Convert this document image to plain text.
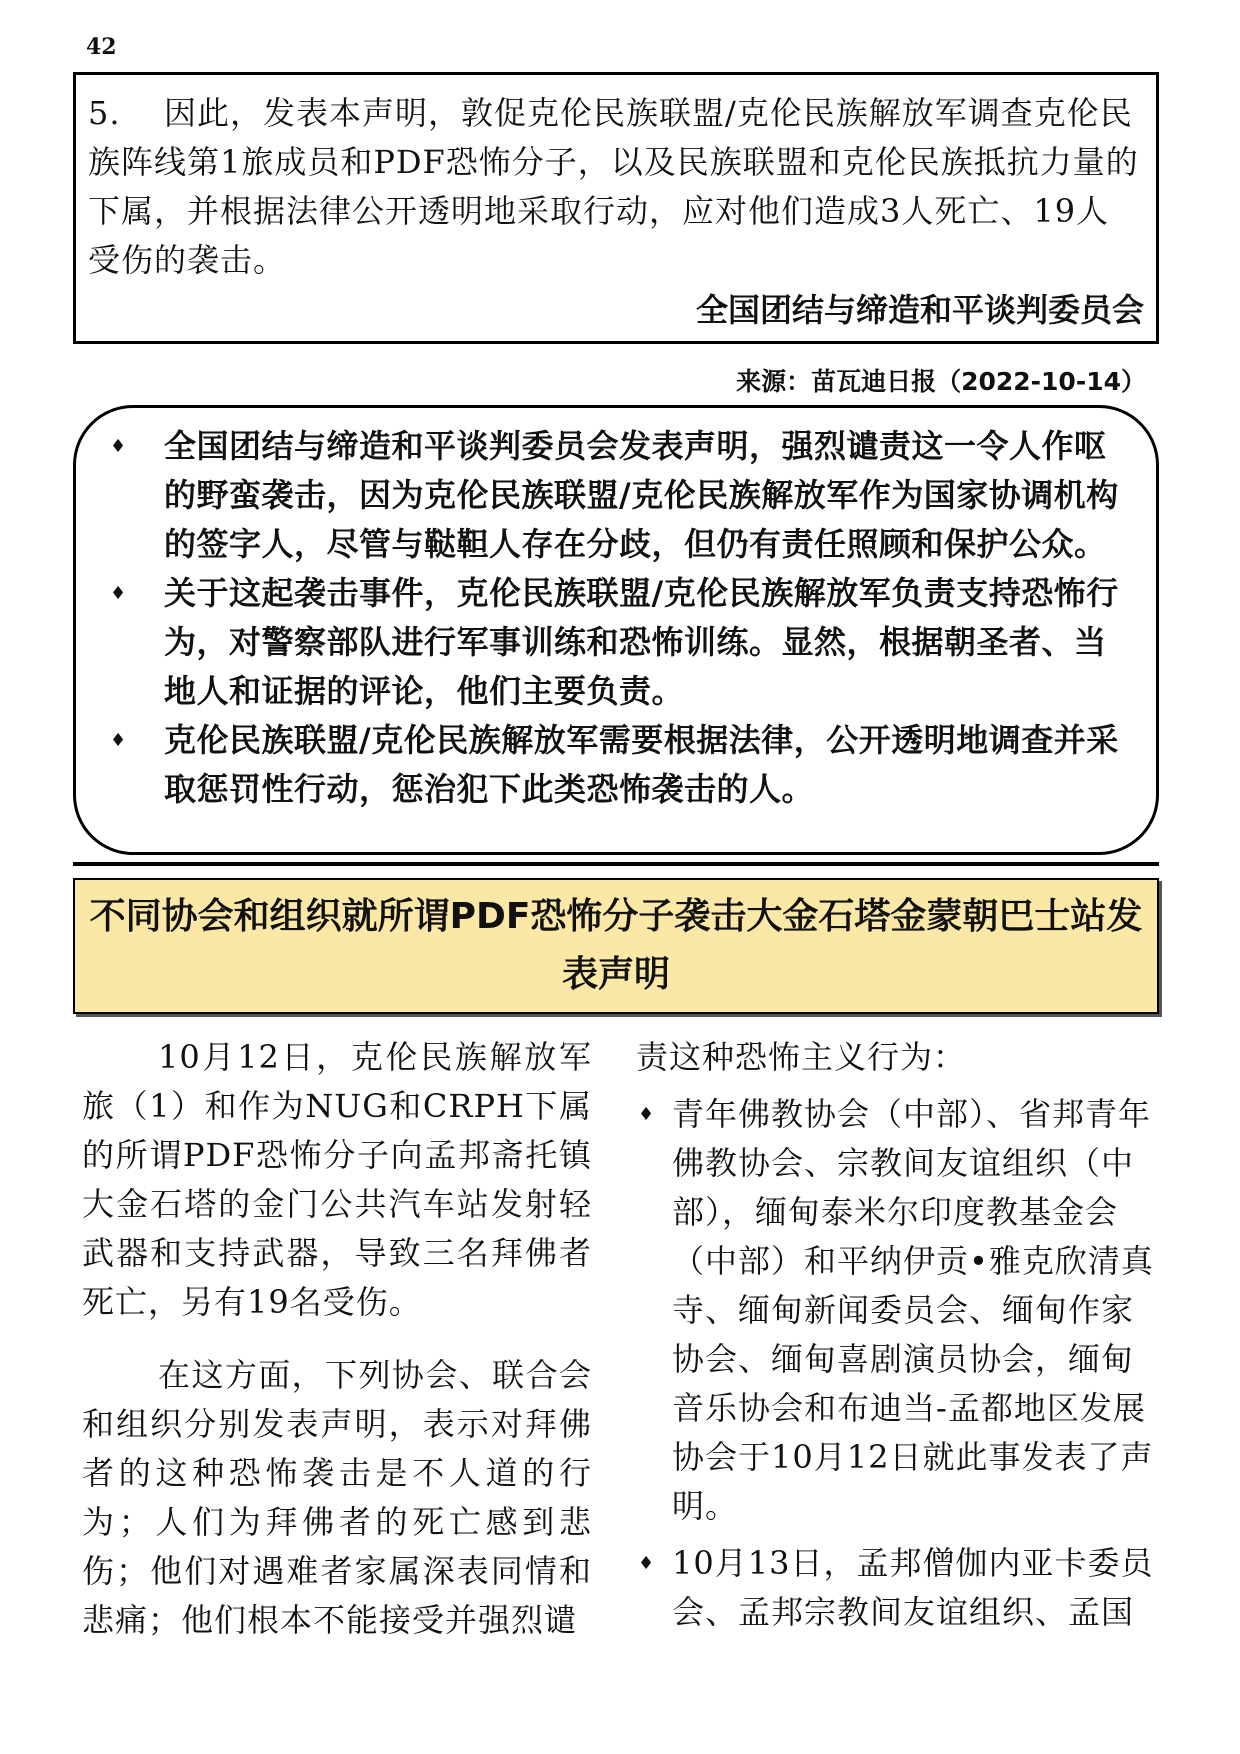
42

5. 因此，发表本声明，敦促克伦民族联盟/克伦民族解放军调查克伦民族阵线第1旅成员和PDF恐怖分子，以及民族联盟和克伦民族抵抗力量的下属，并根据法律公开透明地采取行动，应对他们造成3人死亡、19人受伤的袭击。

全国团结与缔造和平谈判委员会
来源：苗瓦迪日报（2022-10-14）
♦ 全国团结与缔造和平谈判委员会发表声明，强烈谴责这一令人作呕的野蛮袭击，因为克伦民族联盟/克伦民族解放军作为国家协调机构的签字人，尽管与鞑靼人存在分歧，但仍有责任照顾和保护公众。
♦ 关于这起袭击事件，克伦民族联盟/克伦民族解放军负责支持恐怖行为，对警察部队进行军事训练和恐怖训练。显然，根据朝圣者、当地人和证据的评论，他们主要负责。
♦ 克伦民族联盟/克伦民族解放军需要根据法律，公开透明地调查并采取惩罚性行动，惩治犯下此类恐怖袭击的人。

不同协会和组织就所谓PDF恐怖分子袭击大金石塔金蒙朝巴士站发表声明

10月12日，克伦民族解放军旅（1）和作为NUG和CRPH下属的所谓PDF恐怖分子向孟邦斋托镇大金石塔的金门公共汽车站发射轻武器和支持武器，导致三名拜佛者死亡，另有19名受伤。

在这方面，下列协会、联合会和组织分别发表声明，表示对拜佛者的这种恐怖袭击是不人道的行为；人们为拜佛者的死亡感到悲伤；他们对遇难者家属深表同情和悲痛；他们根本不能接受并强烈谴

责这种恐怖主义行为：

♦ 青年佛教协会（中部）、省邦青年佛教协会、宗教间友谊组织（中部），缅甸泰米尔印度教基金会（中部）和平纳伊贡•雅克欣清真寺、缅甸新闻委员会、缅甸作家协会、缅甸喜剧演员协会，缅甸音乐协会和布迪当-孟都地区发展协会于10月12日就此事发表了声明。
♦ 10月13日，孟邦僧伽内亚卡委员会、孟邦宗教间友谊组织、孟国
